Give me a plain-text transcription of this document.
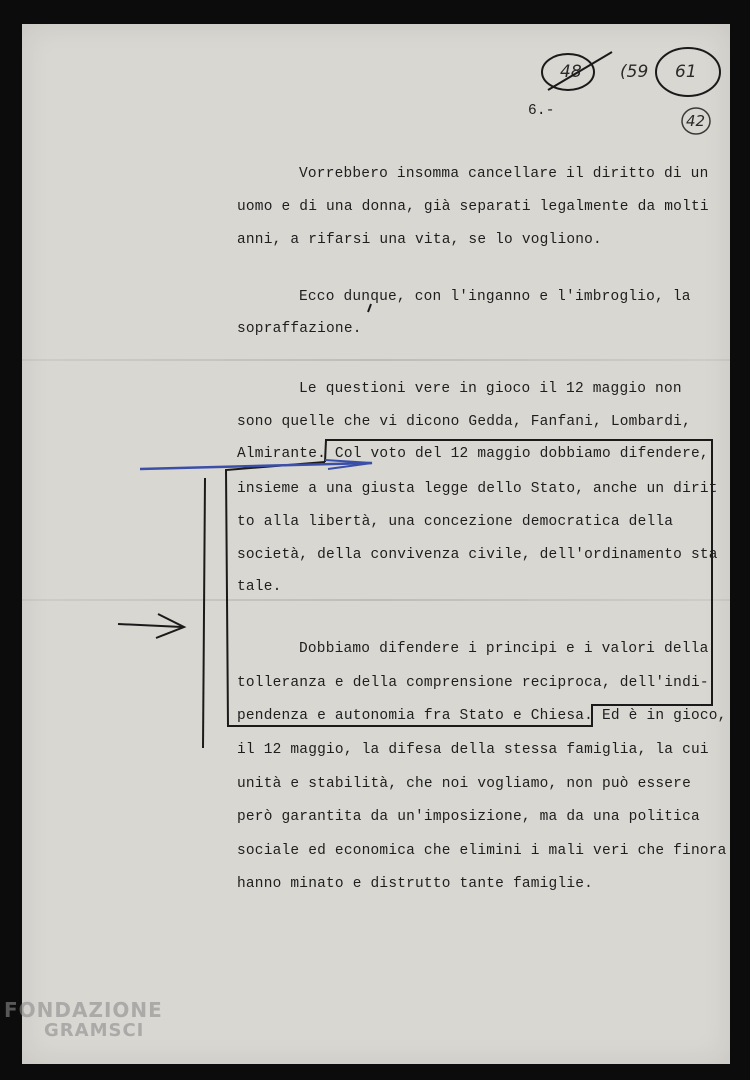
6.-
Vorrebbero insomma cancellare il diritto di un
uomo e di una donna, già separati legalmente da molti
anni, a rifarsi una vita, se lo vogliono.
Ecco dunque, con l'inganno e l'imbroglio, la
sopraffazione.
Le questioni vere in gioco il 12 maggio non
sono quelle che vi dicono Gedda, Fanfani, Lombardi,
Almirante. Col voto del 12 maggio dobbiamo difendere,
insieme a una giusta legge dello Stato, anche un dirit
to alla libertà, una concezione democratica della
società, della convivenza civile, dell'ordinamento sta
tale.
Dobbiamo difendere i principi e i valori della
tolleranza e della comprensione reciproca, dell'indi-
pendenza e autonomia fra Stato e Chiesa. Ed è in gioco,
il 12 maggio, la difesa della stessa famiglia, la cui
unità e stabilità, che noi vogliamo, non può essere
però garantita da un'imposizione, ma da una politica
sociale ed economica che elimini i mali veri che finora
hanno minato e distrutto tante famiglie.
48 (59 61
42
FONDAZIONE
GRAMSCI
